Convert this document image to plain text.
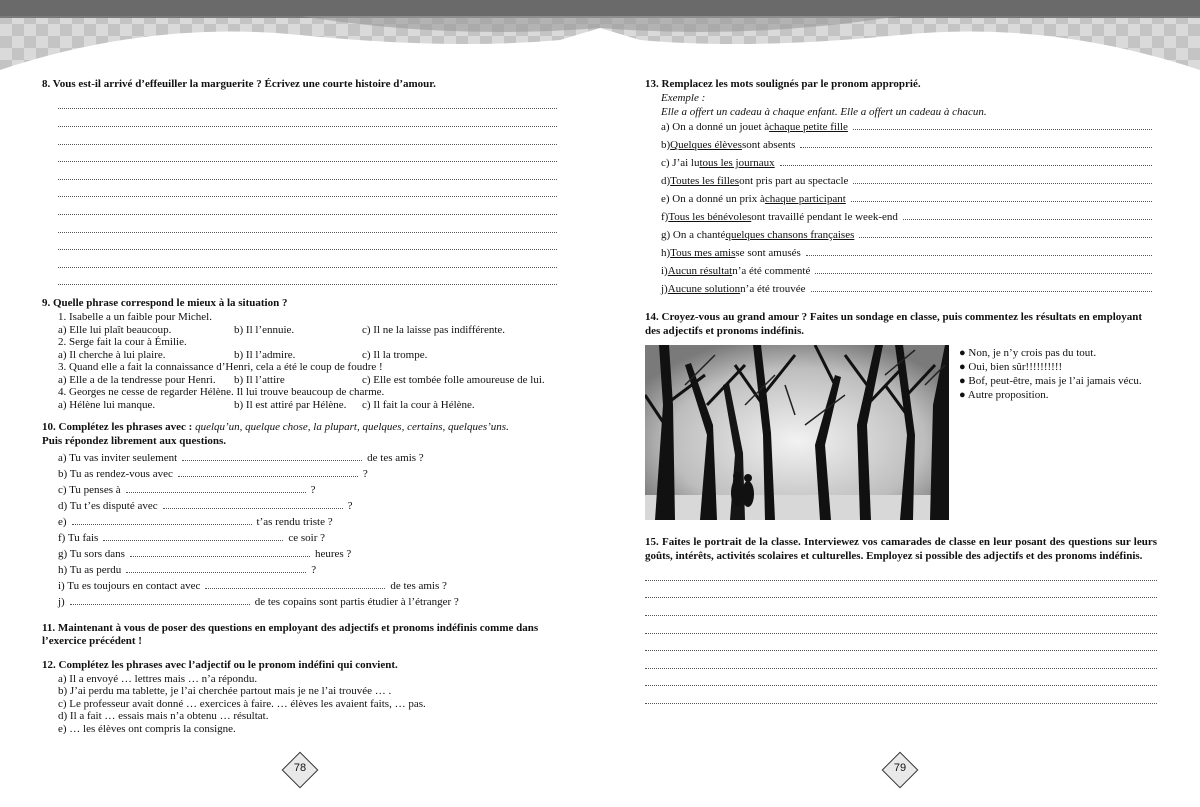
8. Vous est-il arrivé d’effeuiller la marguerite ? Écrivez une courte histoire d’amour.
9. Quelle phrase correspond le mieux à la situation ?
1. Isabelle a un faible pour Michel.
a) Elle lui plaît beaucoup.	b) Il l’ennuie.	c) Il ne la laisse pas indifférente.
2. Serge fait la cour à Émilie.
a) Il cherche à lui plaire.	b) Il l’admire.	c) Il la trompe.
3. Quand elle a fait la connaissance d’Henri, cela a été le coup de foudre !
a) Elle a de la tendresse pour Henri.	b) Il l’attire	c) Elle est tombée folle amoureuse de lui.
4. Georges ne cesse de regarder Hélène. Il lui trouve beaucoup de charme.
a) Hélène lui manque.	b) Il est attiré par Hélène.	c) Il fait la cour à Hélène.
10. Complétez les phrases avec : quelqu’un, quelque chose, la plupart, quelques, certains, quelques’uns.
Puis répondez librement aux questions.
a) Tu vas inviter seulement	de tes amis ?
b) Tu as rendez-vous avec	?
c) Tu penses à	?
d) Tu t’es disputé avec	?
e)	t’as rendu triste ?
f) Tu fais	ce soir ?
g) Tu sors dans	heures ?
h) Tu as perdu	?
i) Tu es toujours en contact avec	de tes amis ?
j)	de tes copains sont partis étudier à l’étranger ?
11. Maintenant à vous de poser des questions en employant des adjectifs et pronoms indéfinis comme dans l’exercice précédent !
12. Complétez les phrases avec l’adjectif ou le pronom indéfini qui convient.
a) Il a envoyé … lettres mais … n’a répondu.
b) J’ai perdu ma tablette, je l’ai cherchée partout mais je ne l’ai trouvée … .
c) Le professeur avait donné … exercices à faire. … élèves les avaient faits, … pas.
d) Il a fait … essais mais n’a obtenu … résultat.
e) … les élèves ont compris la consigne.
78
13. Remplacez les mots soulignés par le pronom approprié.
Exemple :
Elle a offert un cadeau à chaque enfant. Elle a offert un cadeau à chacun.
a) On a donné un jouet à chaque petite fille
b) Quelques élèves sont absents
c) J’ai lu tous les journaux
d) Toutes les filles ont pris part au spectacle
e) On a donné un prix à chaque participant
f) Tous les bénévoles ont travaillé pendant le week-end
g) On a chanté quelques chansons françaises
h) Tous mes amis se sont amusés
i) Aucun résultat n’a été commenté
j) Aucune solution n’a été trouvée
14. Croyez-vous au grand amour ? Faites un sondage en classe, puis commentez les résultats en employant des adjectifs et pronoms indéfinis.
● Non, je n’y crois pas du tout.
● Oui, bien sûr!!!!!!!!!!
● Bof, peut-être, mais je l’ai jamais vécu.
● Autre proposition.
15. Faites le portrait de la classe. Interviewez vos camarades de classe en leur posant des questions sur leurs goûts, intérêts, activités scolaires et culturelles. Employez si possible des adjectifs et des pronoms indéfinis.
79
